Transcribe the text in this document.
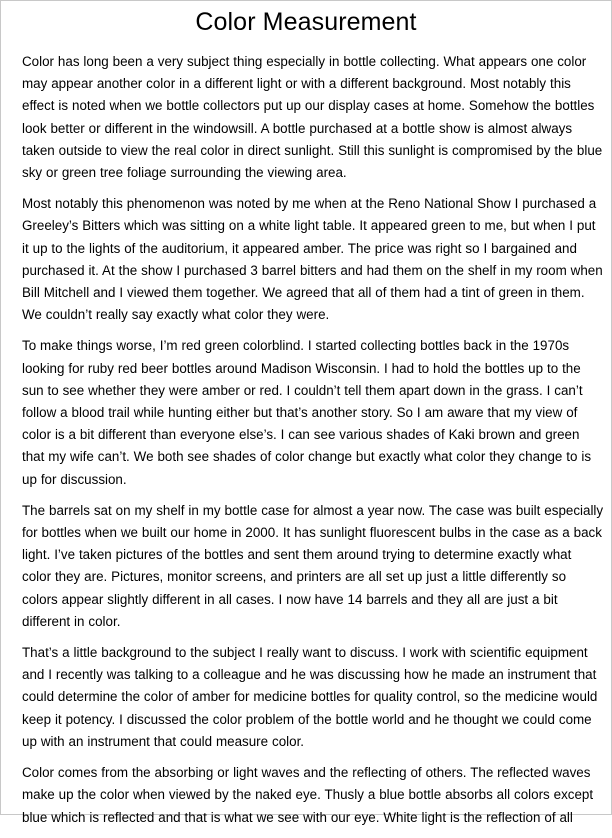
Color Measurement

Color has long been a very subject thing especially in bottle collecting. What appears one color may appear another color in a different light or with a different background. Most notably this effect is noted when we bottle collectors put up our display cases at home. Somehow the bottles look better or different in the windowsill. A bottle purchased at a bottle show is almost always taken outside to view the real color in direct sunlight. Still this sunlight is compromised by the blue sky or green tree foliage surrounding the viewing area.

Most notably this phenomenon was noted by me when at the Reno National Show I purchased a Greeley’s Bitters which was sitting on a white light table. It appeared green to me, but when I put it up to the lights of the auditorium, it appeared amber. The price was right so I bargained and purchased it. At the show I purchased 3 barrel bitters and had them on the shelf in my room when Bill Mitchell and I viewed them together. We agreed that all of them had a tint of green in them. We couldn’t really say exactly what color they were.

To make things worse, I’m red green colorblind. I started collecting bottles back in the 1970s looking for ruby red beer bottles around Madison Wisconsin. I had to hold the bottles up to the sun to see whether they were amber or red. I couldn’t tell them apart down in the grass. I can’t follow a blood trail while hunting either but that’s another story. So I am aware that my view of color is a bit different than everyone else’s. I can see various shades of Kaki brown and green that my wife can’t. We both see shades of color change but exactly what color they change to is up for discussion.

The barrels sat on my shelf in my bottle case for almost a year now. The case was built especially for bottles when we built our home in 2000. It has sunlight fluorescent bulbs in the case as a back light. I’ve taken pictures of the bottles and sent them around trying to determine exactly what color they are. Pictures, monitor screens, and printers are all set up just a little differently so colors appear slightly different in all cases. I now have 14 barrels and they all are just a bit different in color.

That’s a little background to the subject I really want to discuss. I work with scientific equipment and I recently was talking to a colleague and he was discussing how he made an instrument that could determine the color of amber for medicine bottles for quality control, so the medicine would keep it potency. I discussed the color problem of the bottle world and he thought we could come up with an instrument that could measure color.

Color comes from the absorbing or light waves and the reflecting of others. The reflected waves make up the color when viewed by the naked eye. Thusly a blue bottle absorbs all colors except blue which is reflected and that is what we see with our eye. White light is the reflection of all
